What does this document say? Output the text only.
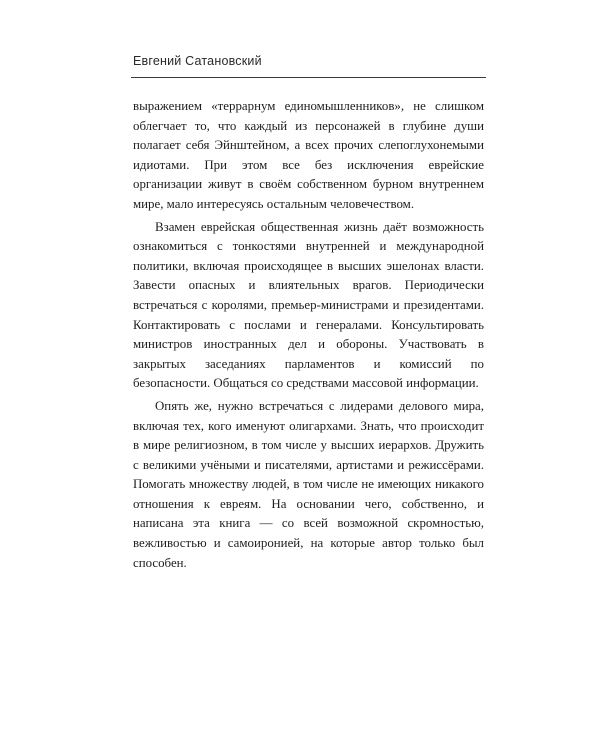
Евгений Сатановский

выражением «террарнум единомышленников», не слишком облегчает то, что каждый из персонажей в глубине души полагает себя Эйнштейном, а всех прочих слепоглухонемыми идиотами. При этом все без исключения еврейские организации живут в своём собственном бурном внутреннем мире, мало интересуясь остальным человечеством.

Взамен еврейская общественная жизнь даёт возможность ознакомиться с тонкостями внутренней и международной политики, включая происходящее в высших эшелонах власти. Завести опасных и влиятельных врагов. Периодически встречаться с королями, премьер-министрами и президентами. Контактировать с послами и генералами. Консультировать министров иностранных дел и обороны. Участвовать в закрытых заседаниях парламентов и комиссий по безопасности. Общаться со средствами массовой информации.

Опять же, нужно встречаться с лидерами делового мира, включая тех, кого именуют олигархами. Знать, что происходит в мире религиозном, в том числе у высших иерархов. Дружить с великими учёными и писателями, артистами и режиссёрами. Помогать множеству людей, в том числе не имеющих никакого отношения к евреям. На основании чего, собственно, и написана эта книга — со всей возможной скромностью, вежливостью и самоиронией, на которые автор только был способен.
